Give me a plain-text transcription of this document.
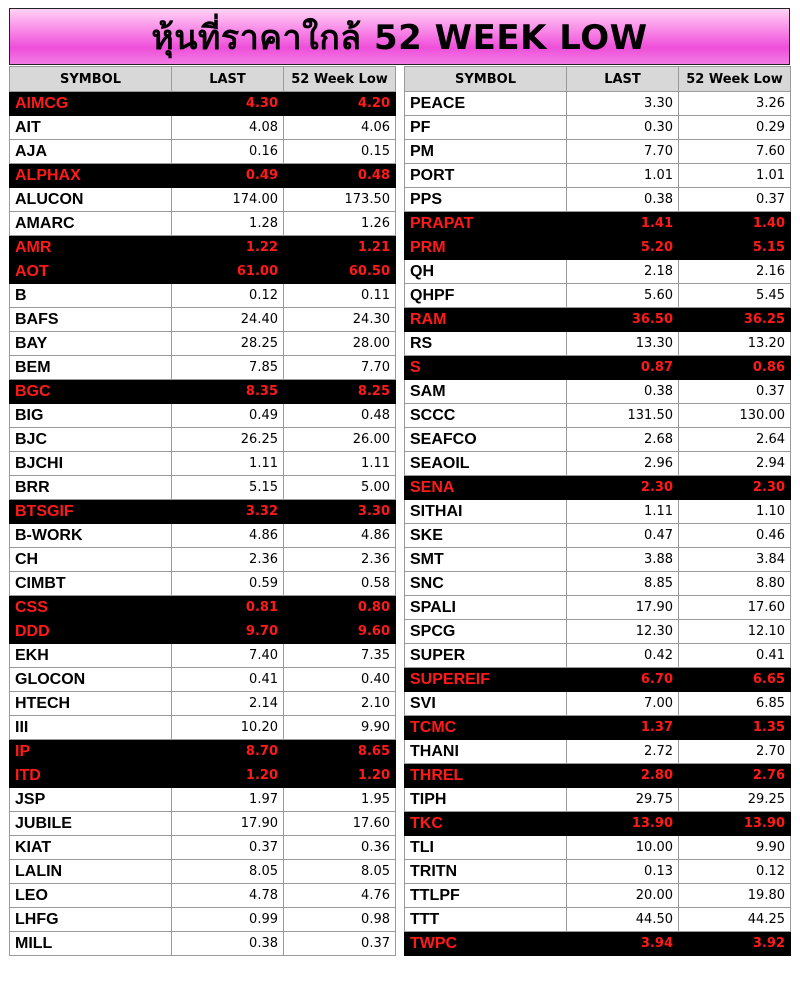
หุ้นที่ราคาใกล้ 52 WEEK LOW
SYMBOL	LAST	52 Week Low
AIMCG	4.30	4.20
AIT	4.08	4.06
AJA	0.16	0.15
ALPHAX	0.49	0.48
ALUCON	174.00	173.50
AMARC	1.28	1.26
AMR	1.22	1.21
AOT	61.00	60.50
B	0.12	0.11
BAFS	24.40	24.30
BAY	28.25	28.00
BEM	7.85	7.70
BGC	8.35	8.25
BIG	0.49	0.48
BJC	26.25	26.00
BJCHI	1.11	1.11
BRR	5.15	5.00
BTSGIF	3.32	3.30
B-WORK	4.86	4.86
CH	2.36	2.36
CIMBT	0.59	0.58
CSS	0.81	0.80
DDD	9.70	9.60
EKH	7.40	7.35
GLOCON	0.41	0.40
HTECH	2.14	2.10
III	10.20	9.90
IP	8.70	8.65
ITD	1.20	1.20
JSP	1.97	1.95
JUBILE	17.90	17.60
KIAT	0.37	0.36
LALIN	8.05	8.05
LEO	4.78	4.76
LHFG	0.99	0.98
MILL	0.38	0.37
SYMBOL	LAST	52 Week Low
PEACE	3.30	3.26
PF	0.30	0.29
PM	7.70	7.60
PORT	1.01	1.01
PPS	0.38	0.37
PRAPAT	1.41	1.40
PRM	5.20	5.15
QH	2.18	2.16
QHPF	5.60	5.45
RAM	36.50	36.25
RS	13.30	13.20
S	0.87	0.86
SAM	0.38	0.37
SCCC	131.50	130.00
SEAFCO	2.68	2.64
SEAOIL	2.96	2.94
SENA	2.30	2.30
SITHAI	1.11	1.10
SKE	0.47	0.46
SMT	3.88	3.84
SNC	8.85	8.80
SPALI	17.90	17.60
SPCG	12.30	12.10
SUPER	0.42	0.41
SUPEREIF	6.70	6.65
SVI	7.00	6.85
TCMC	1.37	1.35
THANI	2.72	2.70
THREL	2.80	2.76
TIPH	29.75	29.25
TKC	13.90	13.90
TLI	10.00	9.90
TRITN	0.13	0.12
TTLPF	20.00	19.80
TTT	44.50	44.25
TWPC	3.94	3.92
